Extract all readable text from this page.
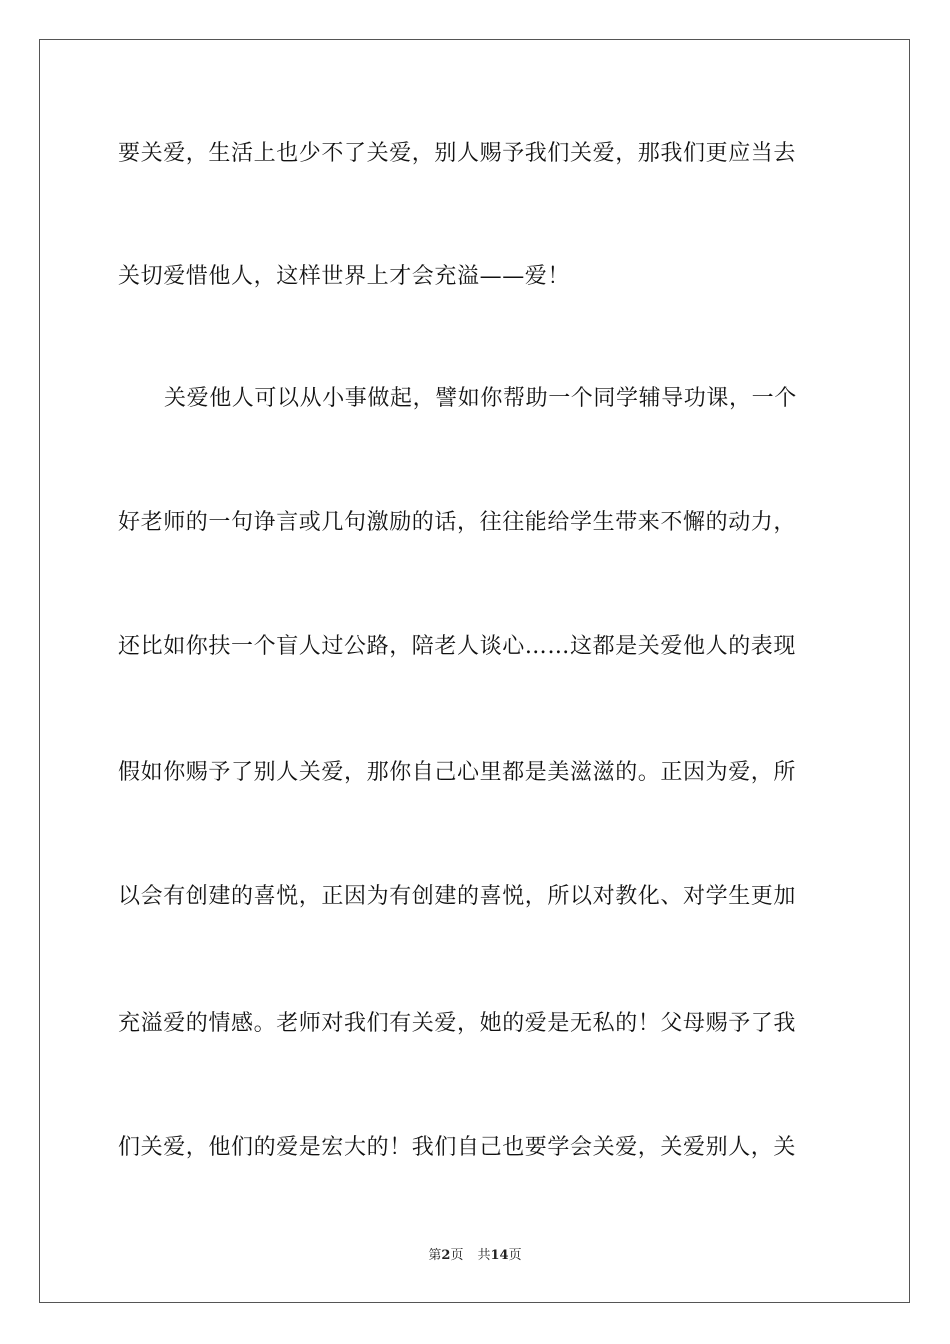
要关爱，生活上也少不了关爱，别人赐予我们关爱，那我们更应当去
关切爱惜他人，这样世界上才会充溢——爱！
关爱他人可以从小事做起，譬如你帮助一个同学辅导功课，一个
好老师的一句诤言或几句激励的话，往往能给学生带来不懈的动力，
还比如你扶一个盲人过公路，陪老人谈心……这都是关爱他人的表现
假如你赐予了别人关爱，那你自己心里都是美滋滋的。正因为爱，所
以会有创建的喜悦，正因为有创建的喜悦，所以对教化、对学生更加
充溢爱的情感。老师对我们有关爱，她的爱是无私的！父母赐予了我
们关爱，他们的爱是宏大的！我们自己也要学会关爱，关爱别人，关
第2页 共14页
